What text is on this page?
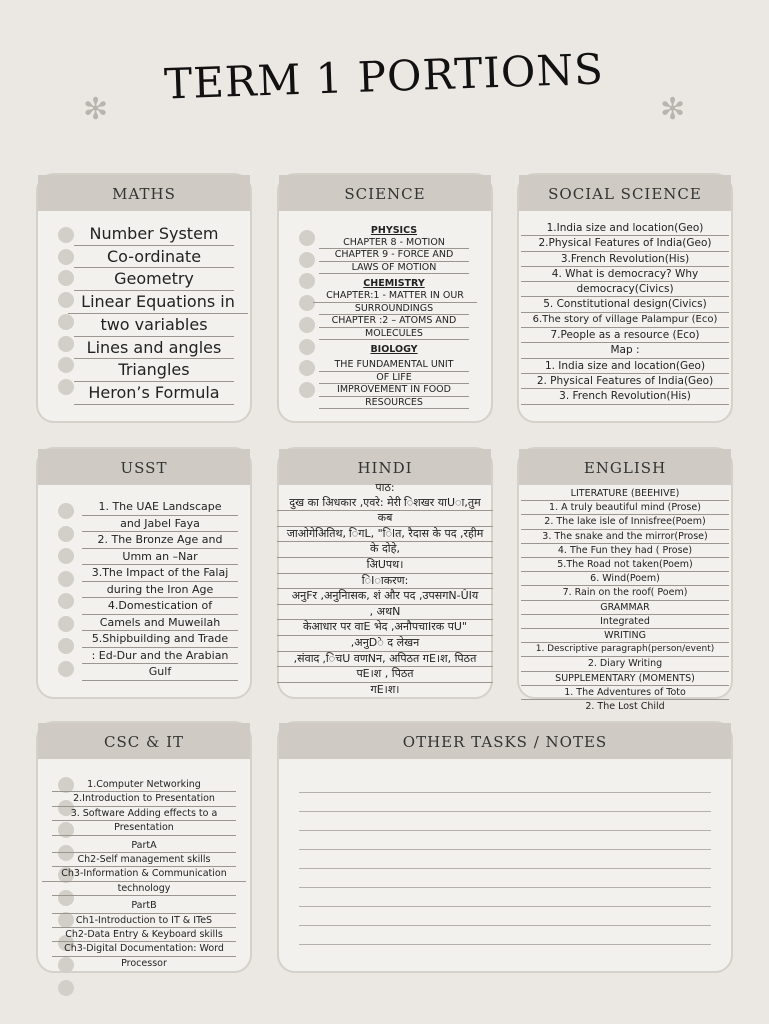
TERM 1 PORTIONS
✻	✻
MATHS
Number System
Co-ordinate
Geometry
Linear Equations in
two variables
Lines and angles
Triangles
Heron’s Formula
SCIENCE
PHYSICS
CHAPTER 8 - MOTION
CHAPTER 9 - FORCE AND
LAWS OF MOTION
CHEMISTRY
CHAPTER:1 - MATTER IN OUR
SURROUNDINGS
CHAPTER :2 – ATOMS AND
MOLECULES
BIOLOGY
THE FUNDAMENTAL UNIT
OF LIFE
IMPROVEMENT IN FOOD
RESOURCES
SOCIAL SCIENCE
1.India size and location(Geo)
2.Physical Features of India(Geo)
3.French Revolution(His)
4. What is democracy? Why
democracy(Civics)
5. Constitutional design(Civics)
6.The story of village Palampur (Eco)
7.People as a resource (Eco)
Map :
1. India size and location(Geo)
2. Physical Features of India(Geo)
3. French Revolution(His)
USST
1. The UAE Landscape
and Jabel Faya
2. The Bronze Age and
Umm an –Nar
3.The Impact of the Falaj
during the Iron Age
4.Domestication of
Camels and Muweilah
5.Shipbuilding and Trade
: Ed-Dur and the Arabian
Gulf
HINDI
पाठ:
दुख का अिधकार ,एवरे: मेरी िशखर याUा,तुम
कब
जाओगेअितिथ, िगL, "िlत, रैदास के पद ,रहीम
के दोहे,
अिUपथ।
िIाकरण:
अनुFर ,अनुनािसक, शं और पद ,उपसगN-ÛIय
, अथN
केआधार पर वाE भेद ,अनौपचाIरक पU"
,अनुDे द लेखन
,संवाद ,िचU वणNन, अपिठत गE।श, पिठत
पE।श , पिठत
गE।श।
ENGLISH
LITERATURE (BEEHIVE)
1. A truly beautiful mind (Prose)
2. The lake isle of Innisfree(Poem)
3. The snake and the mirror(Prose)
4. The Fun they had ( Prose)
5.The Road not taken(Poem)
6. Wind(Poem)
7. Rain on the roof( Poem)
GRAMMAR
Integrated
WRITING
1. Descriptive paragraph(person/event)
2. Diary Writing
SUPPLEMENTARY (MOMENTS)
1. The Adventures of Toto
2. The Lost Child
CSC & IT
1.Computer Networking
2.Introduction to Presentation
3. Software Adding effects to a
Presentation
PartA
Ch2-Self management skills
Ch3-Information & Communication
technology
PartB
Ch1-Introduction to IT & ITeS
Ch2-Data Entry & Keyboard skills
Ch3-Digital Documentation: Word
Processor
OTHER TASKS / NOTES
